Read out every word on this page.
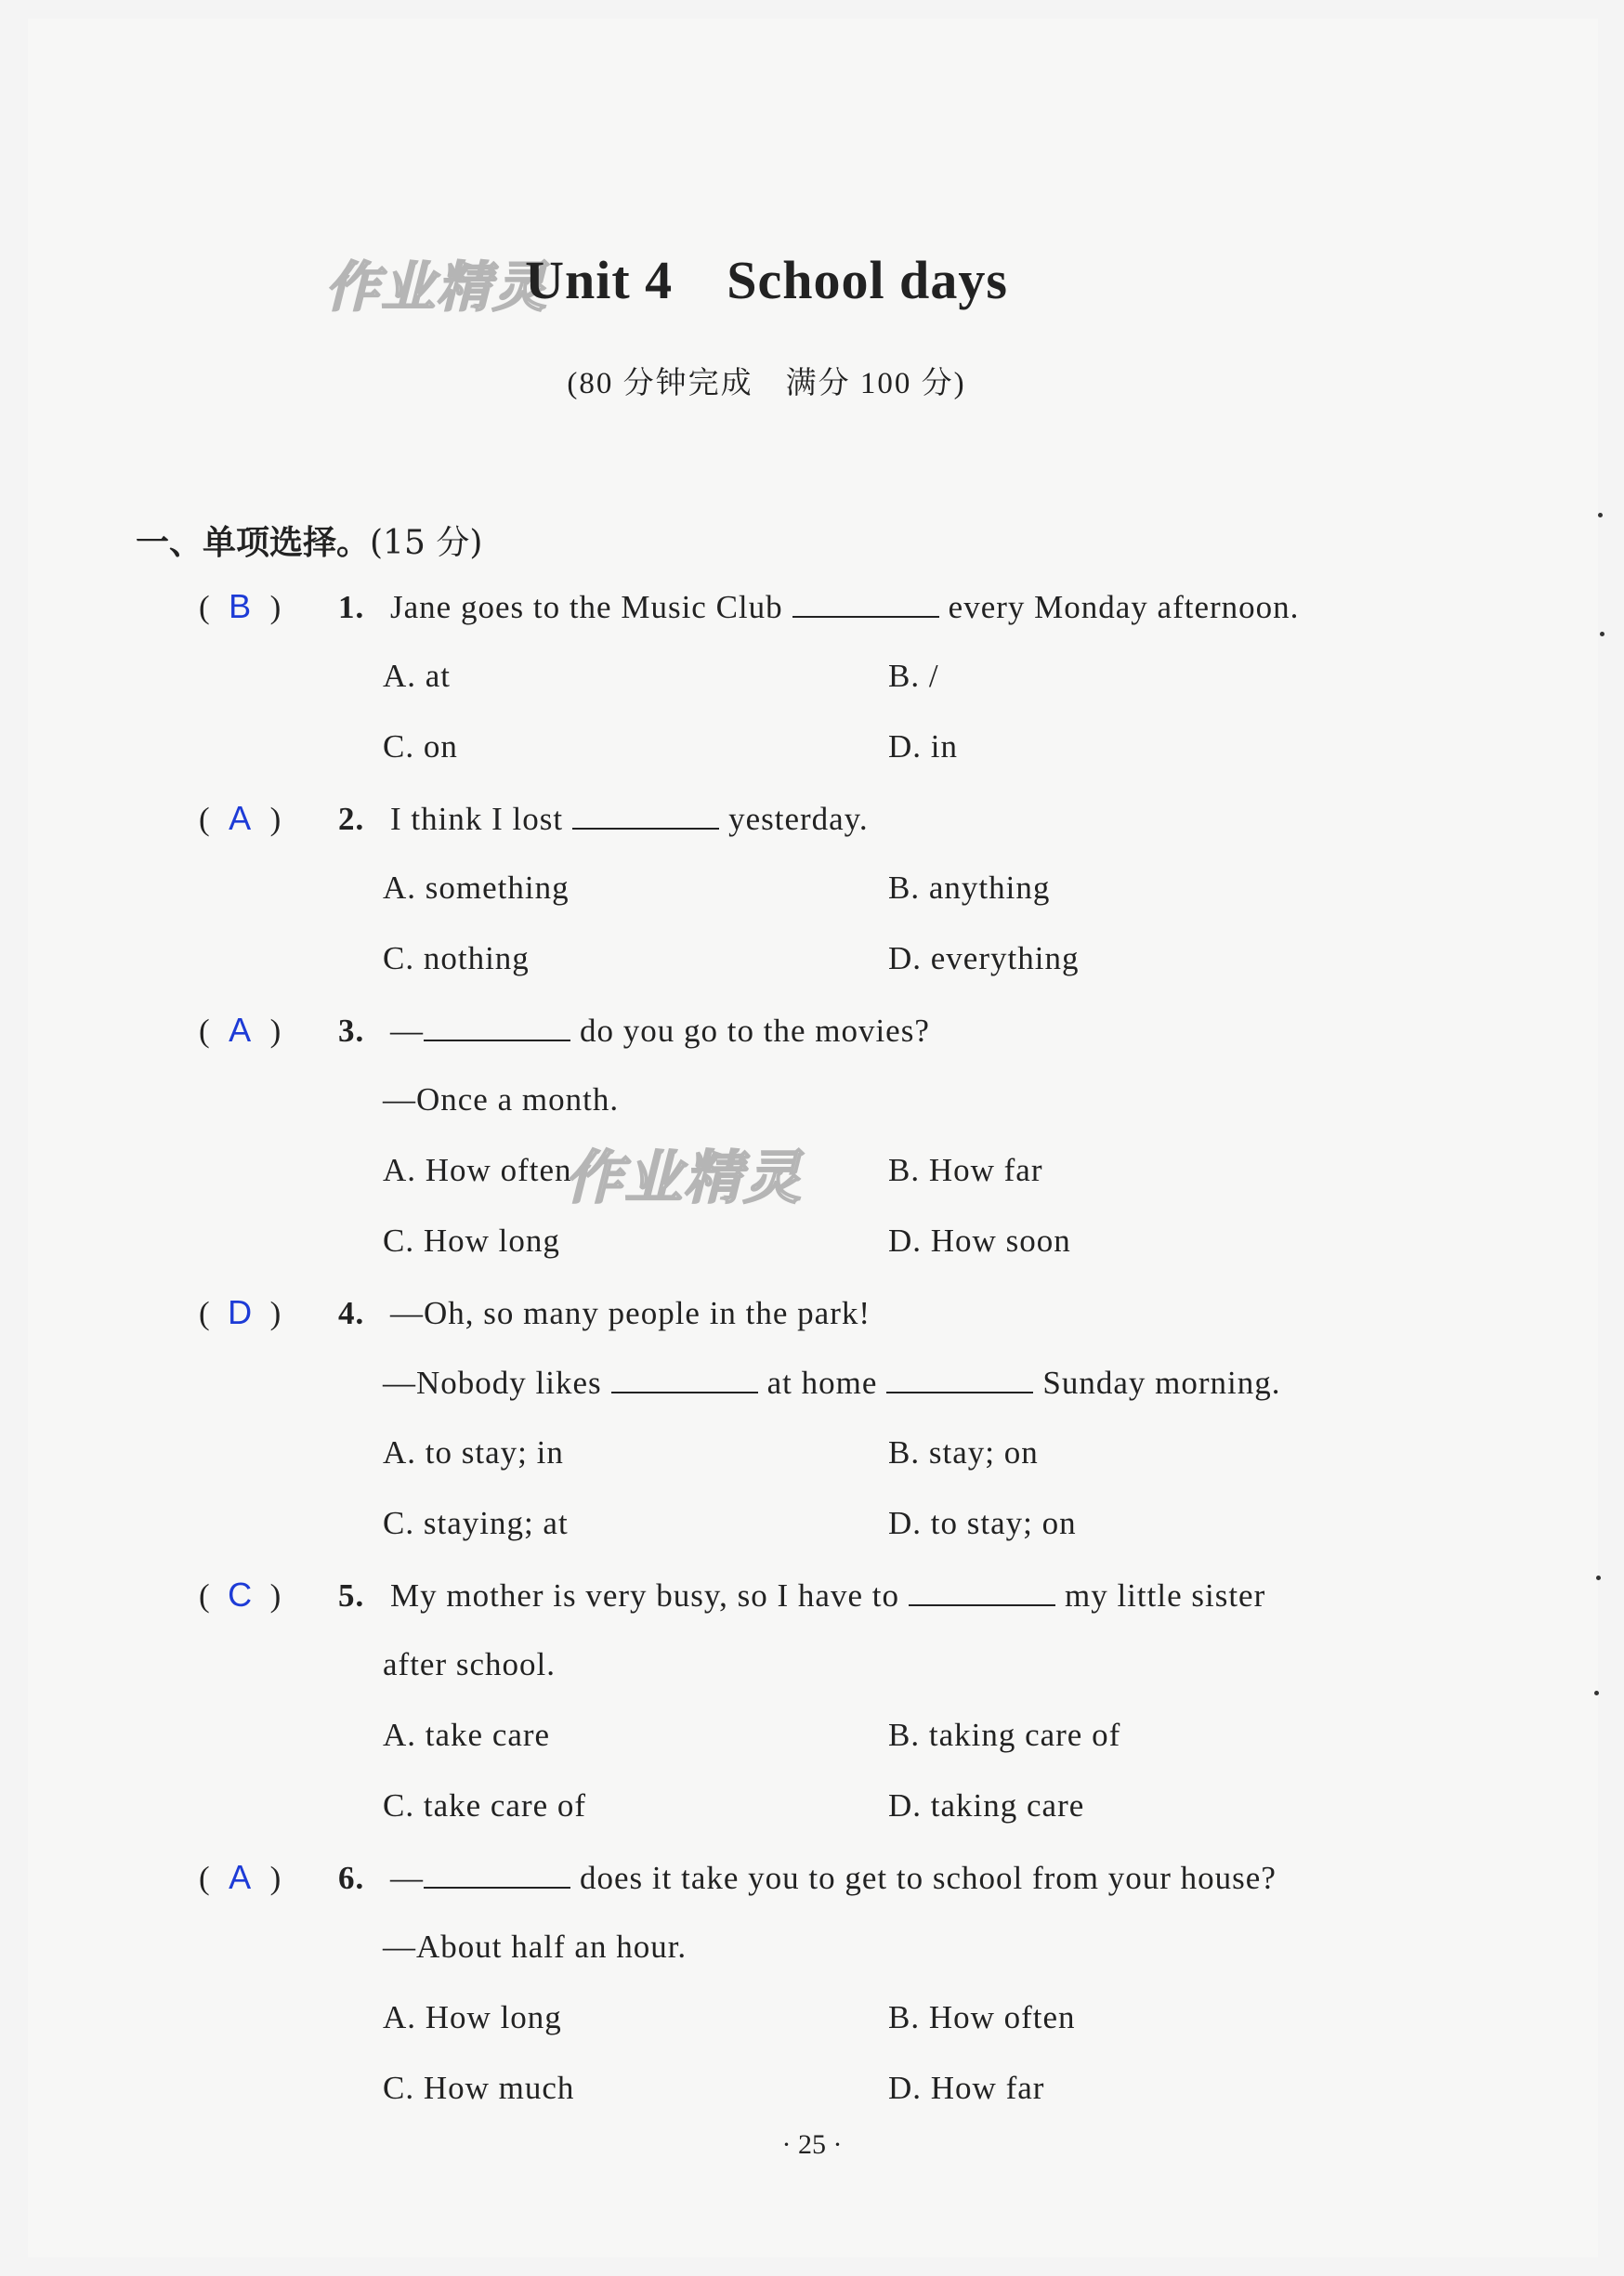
作业精灵
作业精灵
Unit 4 School days
(80 分钟完成　满分 100 分)
一、单项选择。(15 分)
( B ) 1. Jane goes to the Music Club	every Monday afternoon.
A. at	B. /
C. on	D. in
( A ) 2. I think I lost	yesterday.
A. something	B. anything
C. nothing	D. everything
( A ) 3. —	do you go to the movies?
—Once a month.
A. How often	B. How far
C. How long	D. How soon
( D ) 4. —Oh, so many people in the park!
—Nobody likes	at home	Sunday morning.
A. to stay; in	B. stay; on
C. staying; at	D. to stay; on
( C ) 5. My mother is very busy, so I have to	my little sister
after school.
A. take care	B. taking care of
C. take care of	D. taking care
( A ) 6. —	does it take you to get to school from your house?
—About half an hour.
A. How long	B. How often
C. How much	D. How far
· 25 ·
